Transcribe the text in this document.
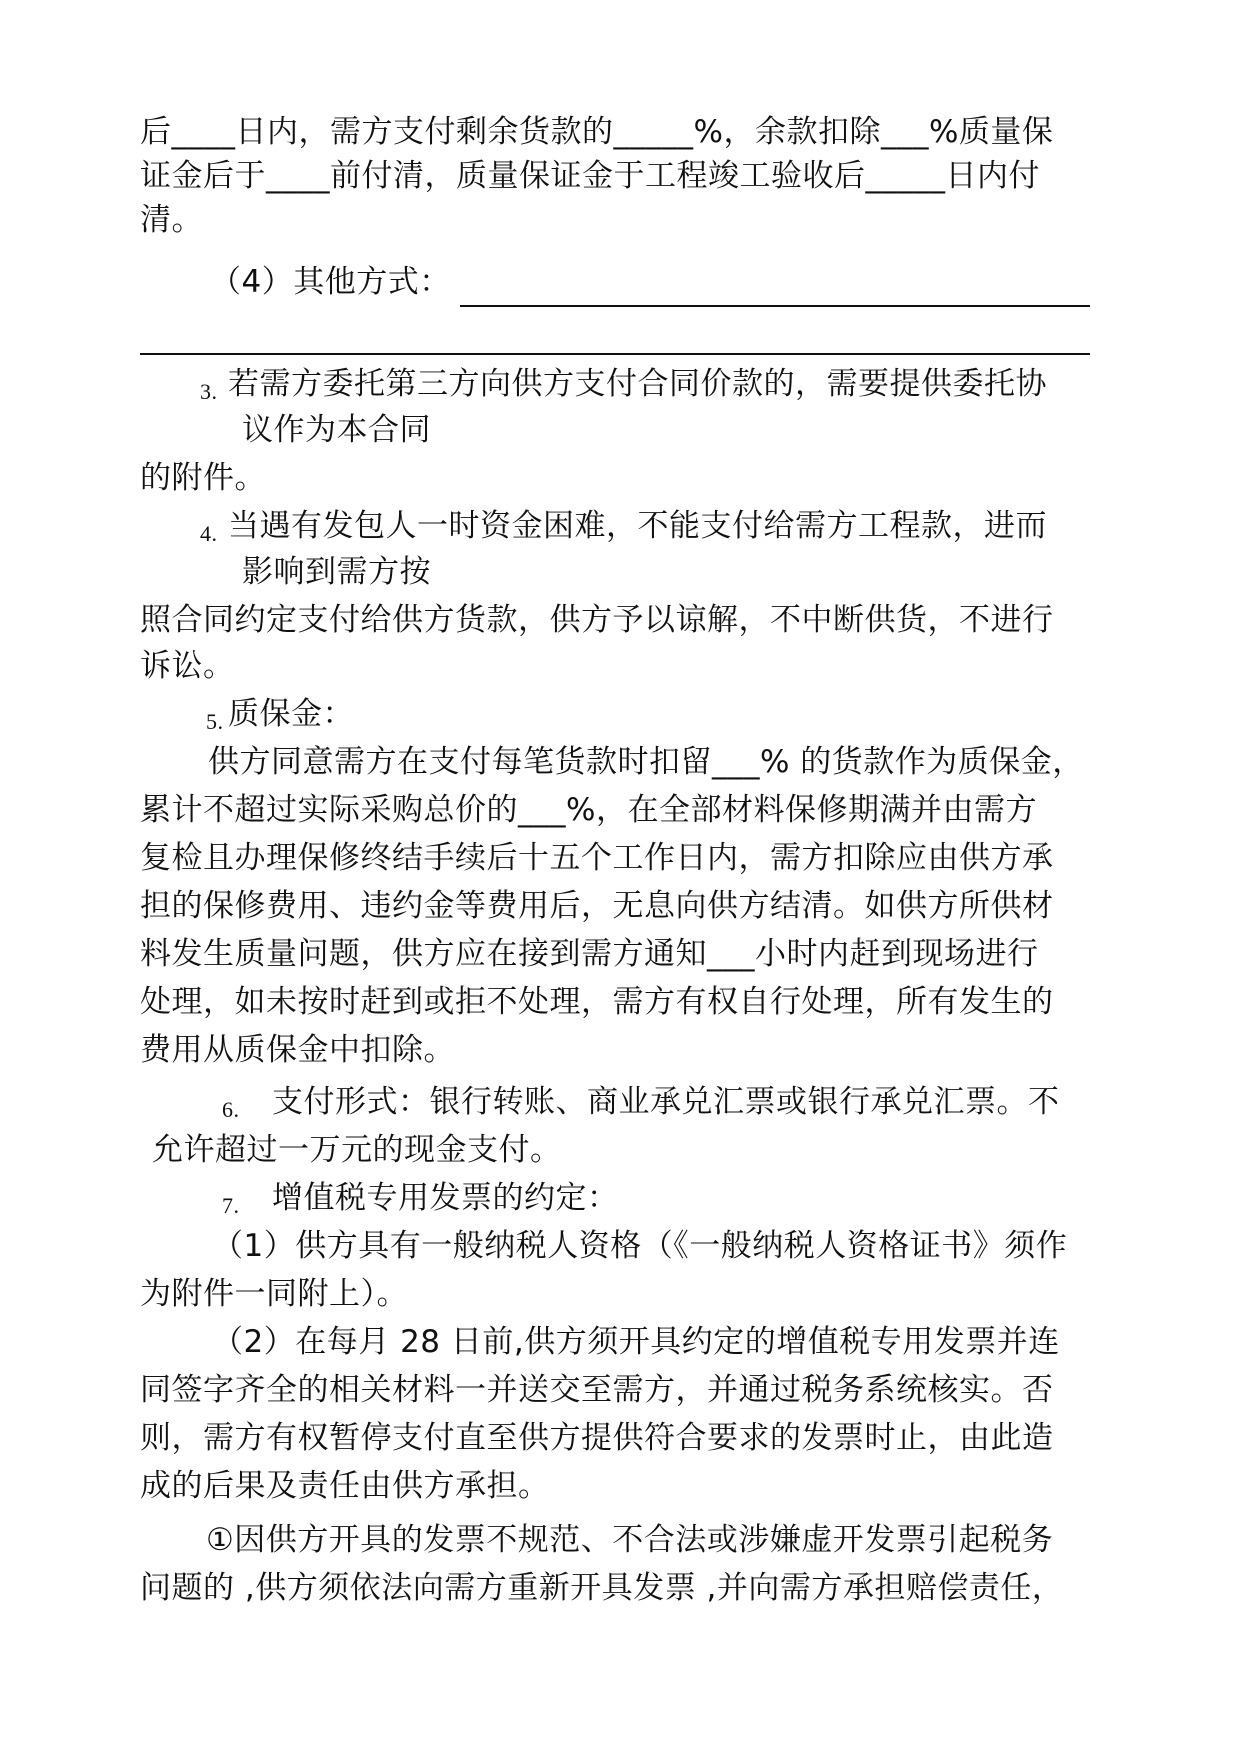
后____日内，需方支付剩余货款的_____%，余款扣除___%质量保
证金后于____前付清，质量保证金于工程竣工验收后_____日内付
清。
（4）其他方式：
3. 若需方委托第三方向供方支付合同价款的，需要提供委托协
议作为本合同
的附件。
4. 当遇有发包人一时资金困难，不能支付给需方工程款，进而
影响到需方按
照合同约定支付给供方货款，供方予以谅解，不中断供货，不进行
诉讼。
5. 质保金：
供方同意需方在支付每笔货款时扣留___% 的货款作为质保金，
累计不超过实际采购总价的___%，在全部材料保修期满并由需方
复检且办理保修终结手续后十五个工作日内，需方扣除应由供方承
担的保修费用、违约金等费用后，无息向供方结清。如供方所供材
料发生质量问题，供方应在接到需方通知___小时内赶到现场进行
处理，如未按时赶到或拒不处理，需方有权自行处理，所有发生的
费用从质保金中扣除。
6. 支付形式：银行转账、商业承兑汇票或银行承兑汇票。不
允许超过一万元的现金支付。
7. 增值税专用发票的约定：
（1）供方具有一般纳税人资格（《一般纳税人资格证书》须作
为附件一同附上）。
（2）在每月 28 日前,供方须开具约定的增值税专用发票并连
同签字齐全的相关材料一并送交至需方，并通过税务系统核实。否
则，需方有权暂停支付直至供方提供符合要求的发票时止，由此造
成的后果及责任由供方承担。
①因供方开具的发票不规范、不合法或涉嫌虚开发票引起税务
问题的 ,供方须依法向需方重新开具发票 ,并向需方承担赔偿责任，
